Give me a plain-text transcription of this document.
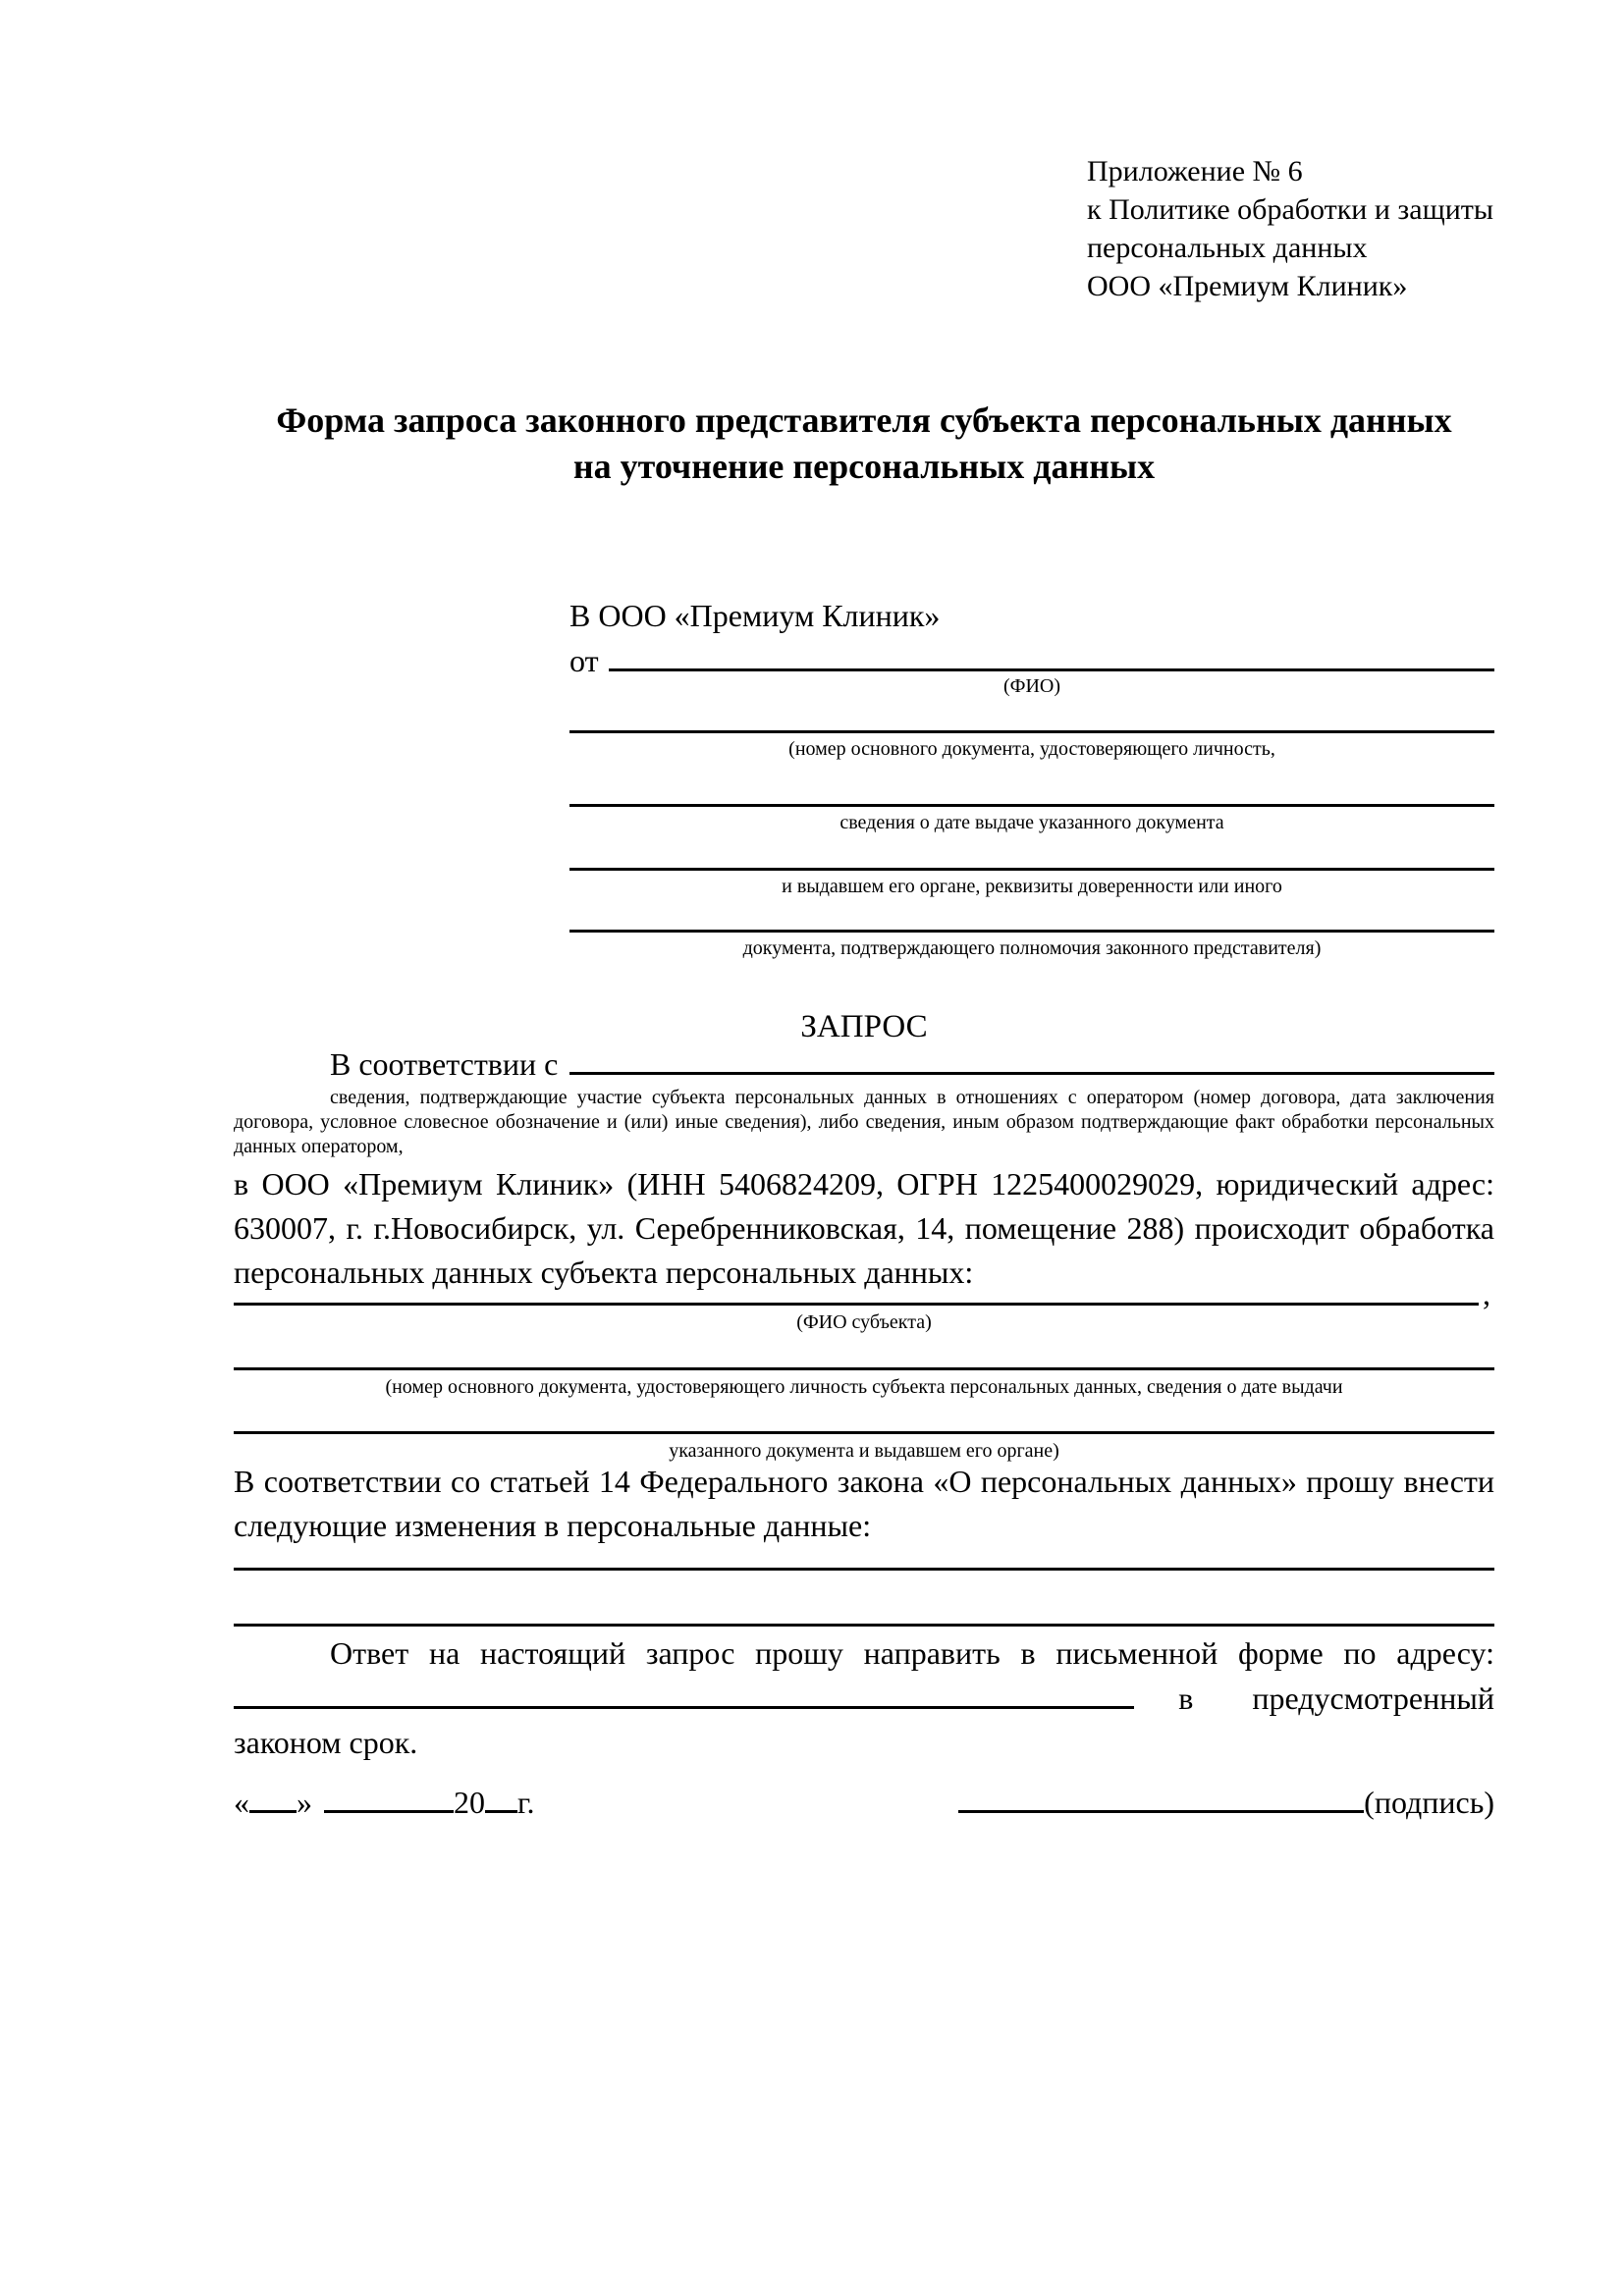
Приложение № 6
к Политике обработки и защиты
персональных данных
ООО «Премиум Клиник»
Форма запроса законного представителя субъекта персональных данных
на уточнение персональных данных
В ООО «Премиум Клиник»
от
(ФИО)
(номер основного документа, удостоверяющего личность,
сведения о дате выдаче указанного документа
и выдавшем его органе, реквизиты доверенности или иного
документа, подтверждающего полномочия законного представителя)
ЗАПРОС
В соответствии с
сведения, подтверждающие участие субъекта персональных данных в отношениях с оператором (номер договора, дата заключения договора, условное словесное обозначение и (или) иные сведения), либо сведения, иным образом подтверждающие факт обработки персональных данных оператором,
в ООО «Премиум Клиник» (ИНН 5406824209, ОГРН 1225400029029, юридический адрес: 630007, г. г.Новосибирск, ул. Серебренниковская, 14, помещение 288) происходит обработка персональных данных субъекта персональных данных:
,
(ФИО субъекта)
(номер основного документа, удостоверяющего личность субъекта персональных данных, сведения о дате выдачи
указанного документа и выдавшем его органе)
В соответствии со статьей 14 Федерального закона «О персональных данных» прошу внести следующие изменения в персональные данные:
Ответ на настоящий запрос прошу направить в письменной форме по адресу:
в предусмотренный
законом срок.
« »	20 г.	(подпись)
